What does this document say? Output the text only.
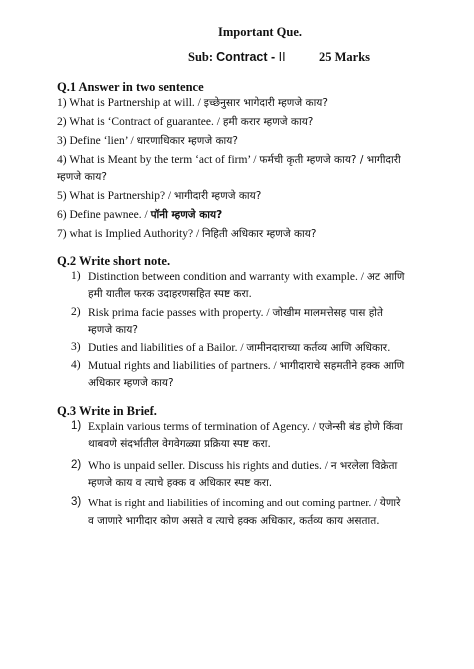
Important Que.
Sub: Contract - II	25 Marks
Q.1 Answer in two sentence
1) What is Partnership at will. / इच्छेनुसार भागेदारी म्हणजे काय?
2) What is ‘Contract of guarantee. / हमी करार म्हणजे काय?
3) Define ‘lien’ / धारणाधिकार म्हणजे काय?
4) What is Meant by the term ‘act of firm’ / फर्मची कृती म्हणजे काय? / भागीदारी
म्हणजे काय?
5) What is Partnership? / भागीदारी म्हणजे काय?
6) Define pawnee. / पॉनी म्हणजे काय?
7) what is Implied Authority? / निहिती अधिकार म्हणजे काय?
Q.2 Write short note.
1) Distinction between condition and warranty with example. / अट आणि
हमी यातील फरक उदाहरणसहित स्पष्ट करा.
2) Risk prima facie passes with property. / जोखीम मालमत्तेसह पास होते
म्हणजे काय?
3) Duties and liabilities of a Bailor. / जामीनदाराच्या कर्तव्य आणि अधिकार.
4) Mutual rights and liabilities of partners. / भागीदाराचे सहमतीने हक्क आणि
अधिकार म्हणजे काय?
Q.3 Write in Brief.
1) Explain various terms of termination of Agency. / एजेन्सी बंड होणे किंवा
थाबवणे संदर्भातील वेगवेगळ्या प्रक्रिया स्पष्ट करा.
2) Who is unpaid seller. Discuss his rights and duties. / न भरलेला विक्रेता
म्हणजे काय व त्याचे हक्क व अधिकार स्पष्ट करा.
3) What is right and liabilities of incoming and out coming partner. / येणारे
व जाणारे भागीदार कोण असते व त्याचे हक्क अधिकार, कर्तव्य काय असतात.
